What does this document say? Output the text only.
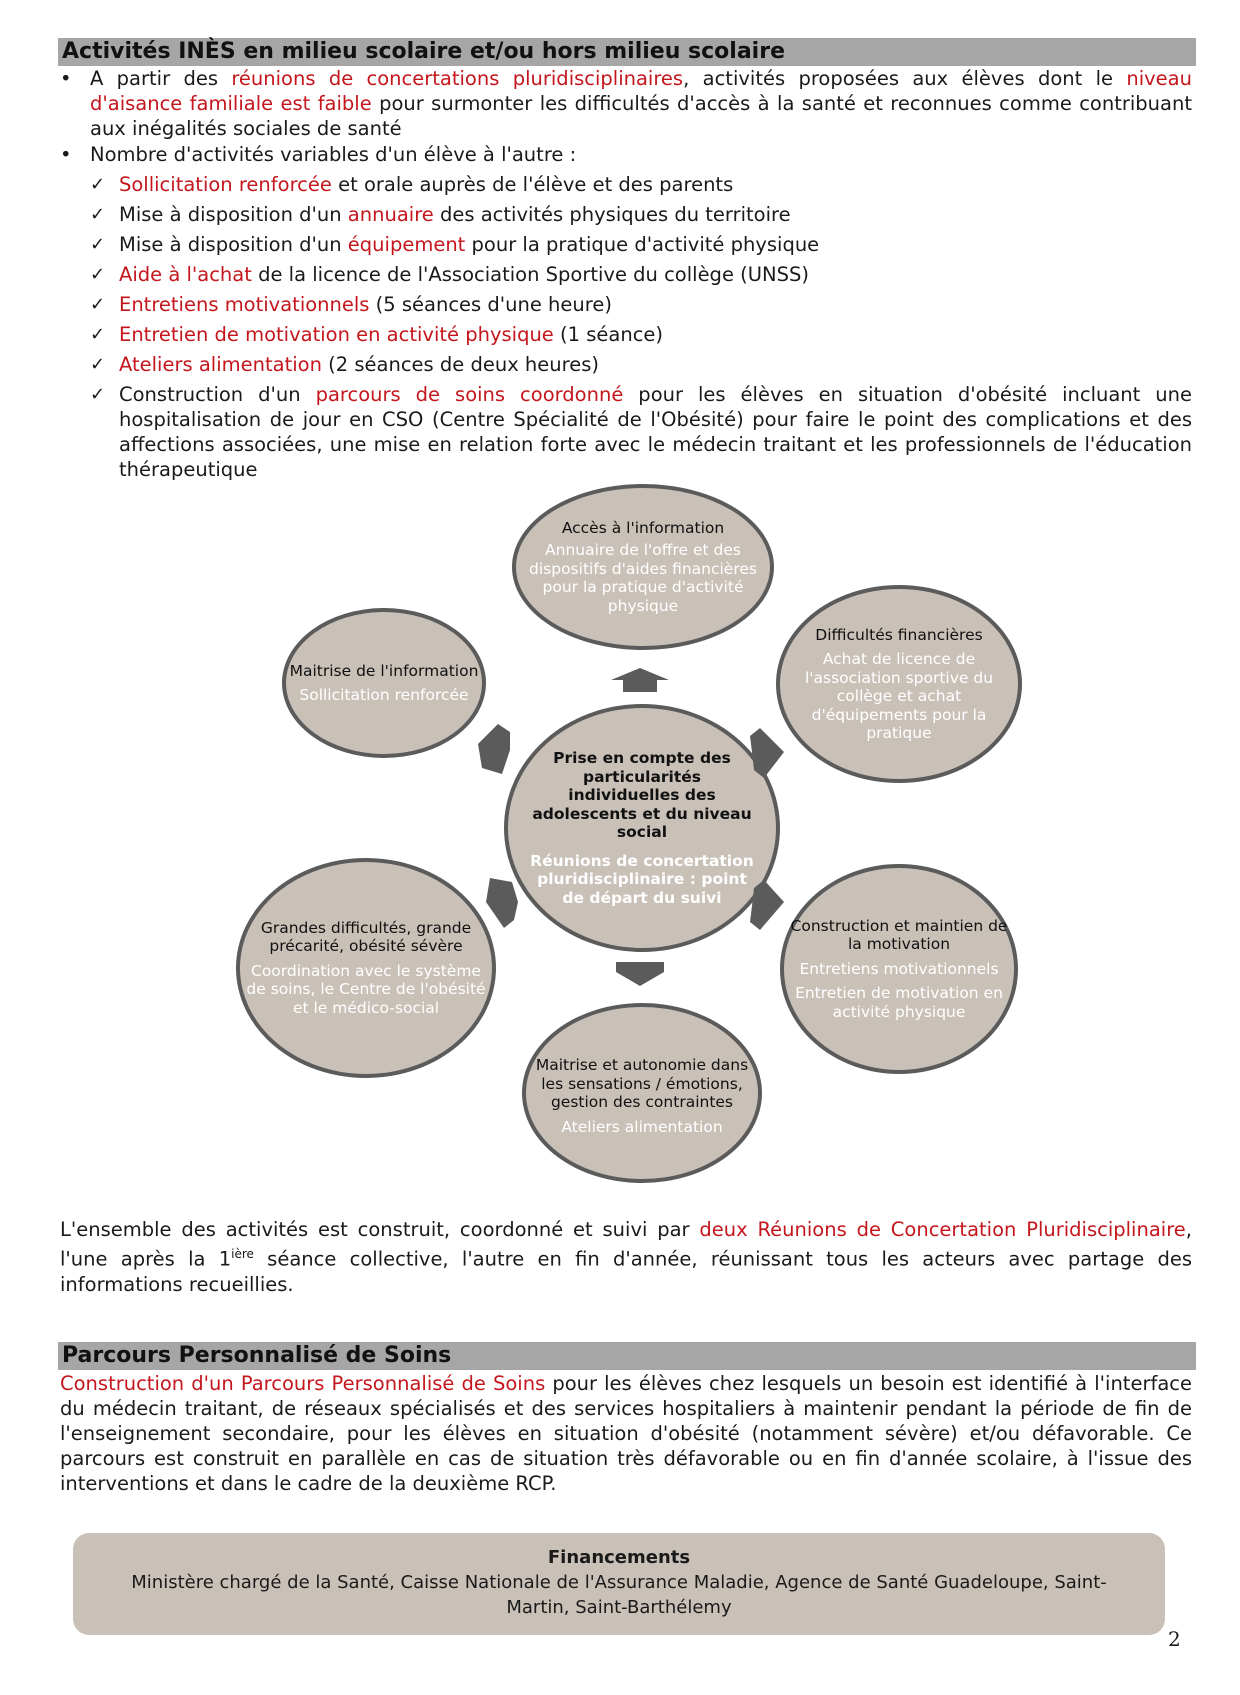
Activités INÈS en milieu scolaire et/ou hors milieu scolaire
• A partir des réunions de concertations pluridisciplinaires, activités proposées aux élèves dont le niveau d'aisance familiale est faible pour surmonter les difficultés d'accès à la santé et reconnues comme contribuant aux inégalités sociales de santé
• Nombre d'activités variables d'un élève à l'autre :
✓ Sollicitation renforcée et orale auprès de l'élève et des parents
✓ Mise à disposition d'un annuaire des activités physiques du territoire
✓ Mise à disposition d'un équipement pour la pratique d'activité physique
✓ Aide à l'achat de la licence de l'Association Sportive du collège (UNSS)
✓ Entretiens motivationnels (5 séances d'une heure)
✓ Entretien de motivation en activité physique (1 séance)
✓ Ateliers alimentation (2 séances de deux heures)
✓ Construction d'un parcours de soins coordonné pour les élèves en situation d'obésité incluant une hospitalisation de jour en CSO (Centre Spécialité de l'Obésité) pour faire le point des complications et des affections associées, une mise en relation forte avec le médecin traitant et les professionnels de l'éducation thérapeutique
Accès à l'information
Annuaire de l'offre et des dispositifs d'aides financières pour la pratique d'activité physique
Difficultés financières
Achat de licence de l'association sportive du collège et achat d'équipements pour la pratique
Construction et maintien de la motivation
Entretiens motivationnels
Entretien de motivation en activité physique
Maitrise et autonomie dans les sensations / émotions, gestion des contraintes
Ateliers alimentation
Grandes difficultés, grande précarité, obésité sévère
Coordination avec le système de soins, le Centre de l'obésité et le médico-social
Maitrise de l'information
Sollicitation renforcée
Prise en compte des particularités individuelles des adolescents et du niveau social
Réunions de concertation pluridisciplinaire : point de départ du suivi
L'ensemble des activités est construit, coordonné et suivi par deux Réunions de Concertation Pluridisciplinaire, l'une après la $1^{ière}$ séance collective, l'autre en fin d'année, réunissant tous les acteurs avec partage des informations recueillies.
Parcours Personnalisé de Soins
Construction d'un Parcours Personnalisé de Soins pour les élèves chez lesquels un besoin est identifié à l'interface du médecin traitant, de réseaux spécialisés et des services hospitaliers à maintenir pendant la période de fin de l'enseignement secondaire, pour les élèves en situation d'obésité (notamment sévère) et/ou défavorable. Ce parcours est construit en parallèle en cas de situation très défavorable ou en fin d'année scolaire, à l'issue des interventions et dans le cadre de la deuxième RCP.
Financements
Ministère chargé de la Santé, Caisse Nationale de l'Assurance Maladie, Agence de Santé Guadeloupe, Saint-Martin, Saint-Barthélemy
2
